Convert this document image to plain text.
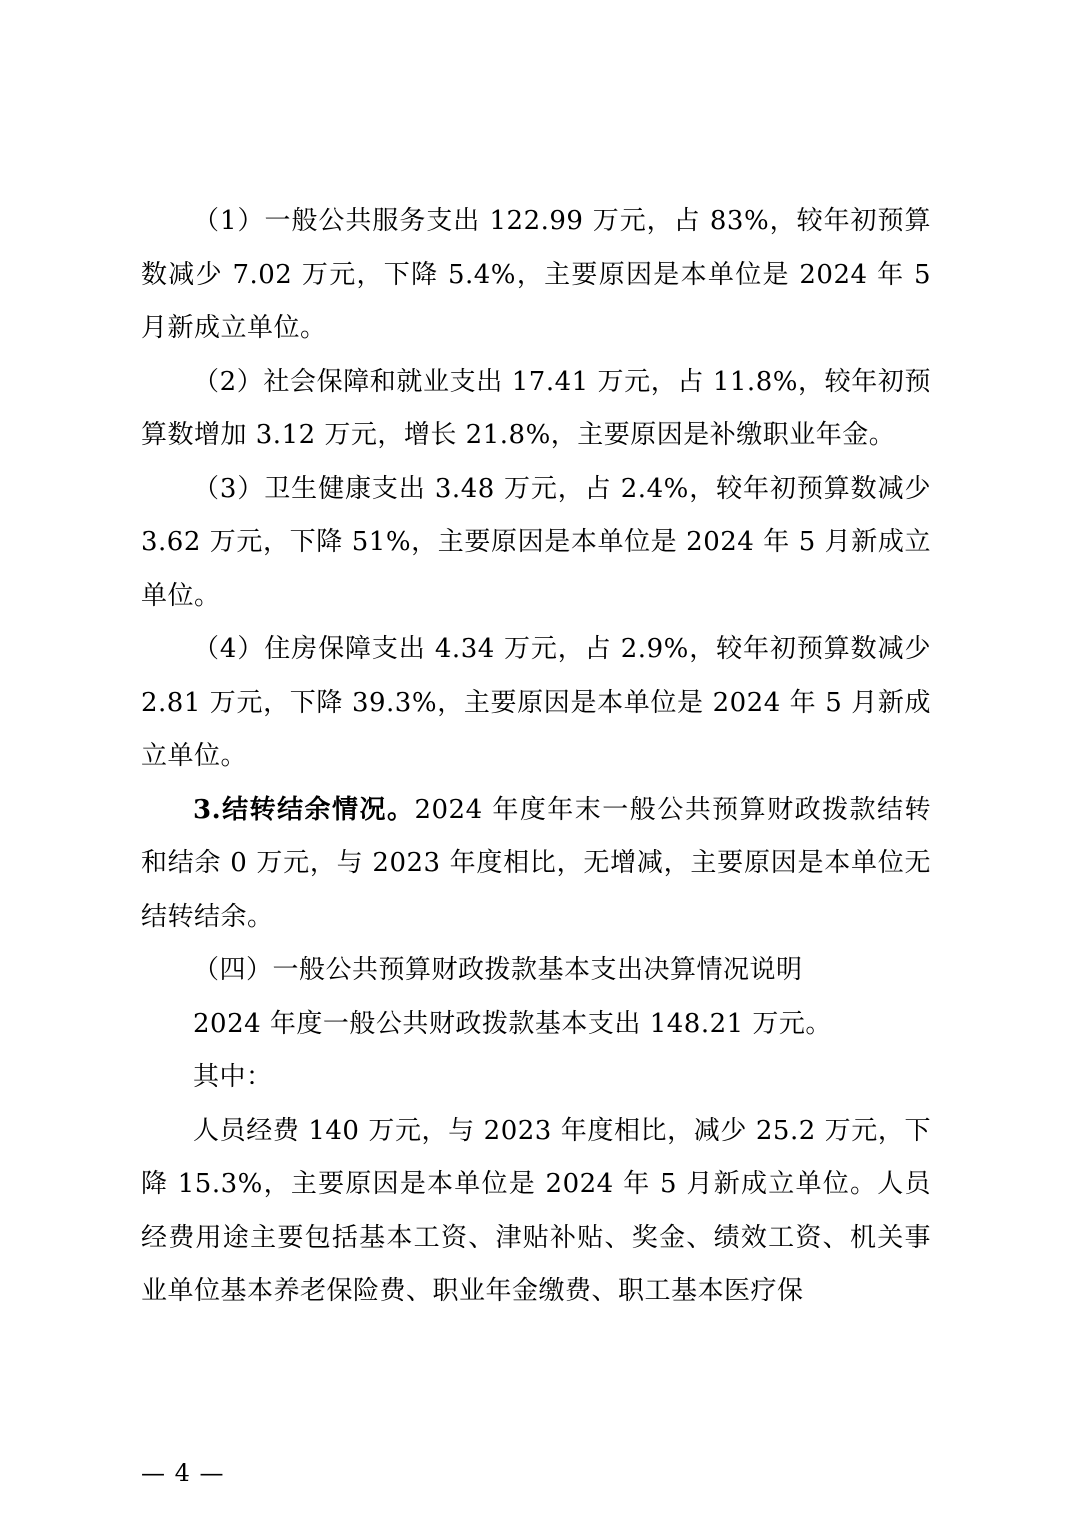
（1）一般公共服务支出 122.99 万元，占 83%，较年初预算数减少 7.02 万元，下降 5.4%，主要原因是本单位是 2024 年 5 月新成立单位。

（2）社会保障和就业支出 17.41 万元，占 11.8%，较年初预算数增加 3.12 万元，增长 21.8%，主要原因是补缴职业年金。

（3）卫生健康支出 3.48 万元，占 2.4%，较年初预算数减少 3.62 万元，下降 51%，主要原因是本单位是 2024 年 5 月新成立单位。

（4）住房保障支出 4.34 万元，占 2.9%，较年初预算数减少 2.81 万元，下降 39.3%，主要原因是本单位是 2024 年 5 月新成立单位。

3.结转结余情况。2024 年度年末一般公共预算财政拨款结转和结余 0 万元，与 2023 年度相比，无增减，主要原因是本单位无结转结余。

（四）一般公共预算财政拨款基本支出决算情况说明

2024 年度一般公共财政拨款基本支出 148.21 万元。

其中：

人员经费 140 万元，与 2023 年度相比，减少 25.2 万元，下降 15.3%，主要原因是本单位是 2024 年 5 月新成立单位。人员经费用途主要包括基本工资、津贴补贴、奖金、绩效工资、机关事业单位基本养老保险费、职业年金缴费、职工基本医疗保

— 4 —
